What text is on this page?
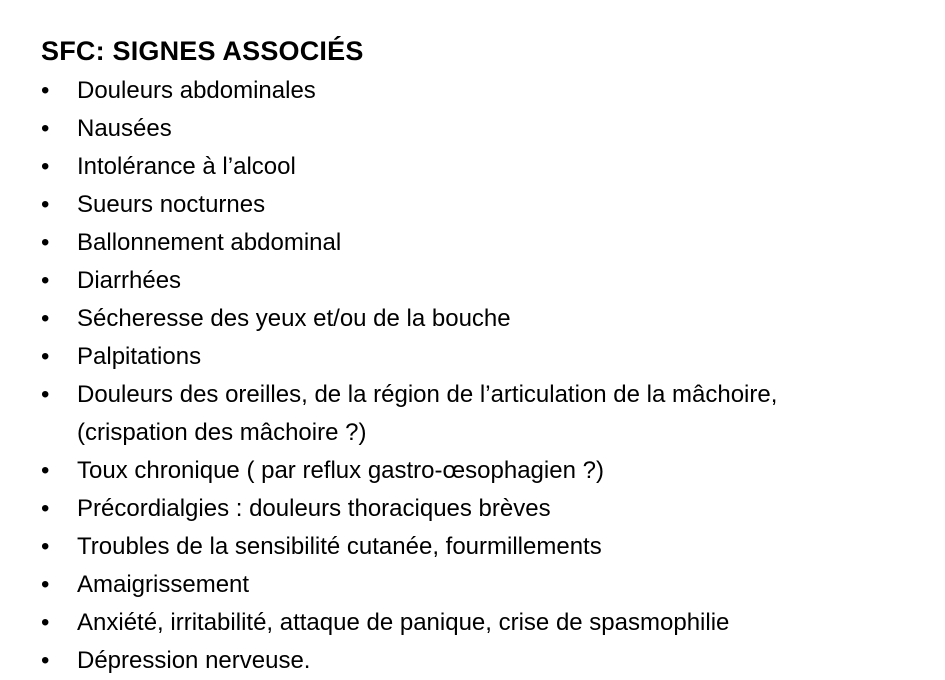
SFC: SIGNES ASSOCIÉS
•	Douleurs abdominales
•	Nausées
•	Intolérance à l’alcool
•	Sueurs nocturnes
•	Ballonnement abdominal
•	Diarrhées
•	Sécheresse des yeux et/ou de la bouche
•	Palpitations
•	Douleurs des oreilles, de la région de l’articulation de la mâchoire, (crispation des mâchoire ?)
•	Toux chronique ( par reflux gastro-œsophagien ?)
•	Précordialgies : douleurs thoraciques brèves
•	Troubles de la sensibilité cutanée, fourmillements
•	Amaigrissement
•	Anxiété, irritabilité, attaque de panique, crise de spasmophilie
•	Dépression nerveuse.
